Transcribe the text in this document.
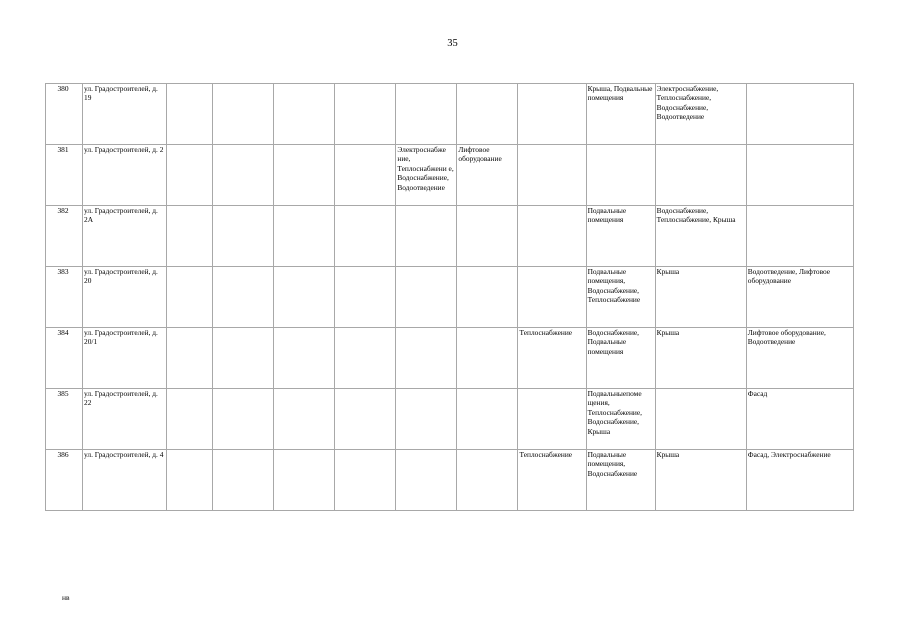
35
380	ул. Градостроителей, д. 19								Крыша, Подвальные помещения	Электроснабжение, Теплоснабжение, Водоснабжение, Водоотведение	
381	ул. Градостроителей, д. 2					Электроснабже ние, Теплоснабжени е, Водоснабжение, Водоотведение	Лифтовое оборудование				
382	ул. Градостроителей, д. 2А								Подвальные помещения	Водоснабжение, Теплоснабжение, Крыша	
383	ул. Градостроителей, д. 20								Подвальные помещения, Водоснабжение, Теплоснабжение	Крыша	Водоотведение, Лифтовое оборудование
384	ул. Градостроителей, д. 20/1							Теплоснабжение	Водоснабжение, Подвальные помещения	Крыша	Лифтовое оборудование, Водоотведение
385	ул. Градостроителей, д. 22								Подвальныепоме щения, Теплоснабжение, Водоснабжение, Крыша		Фасад
386	ул. Градостроителей, д. 4							Теплоснабжение	Подвальные помещения, Водоснабжение	Крыша	Фасад, Электроснабжение
нв
